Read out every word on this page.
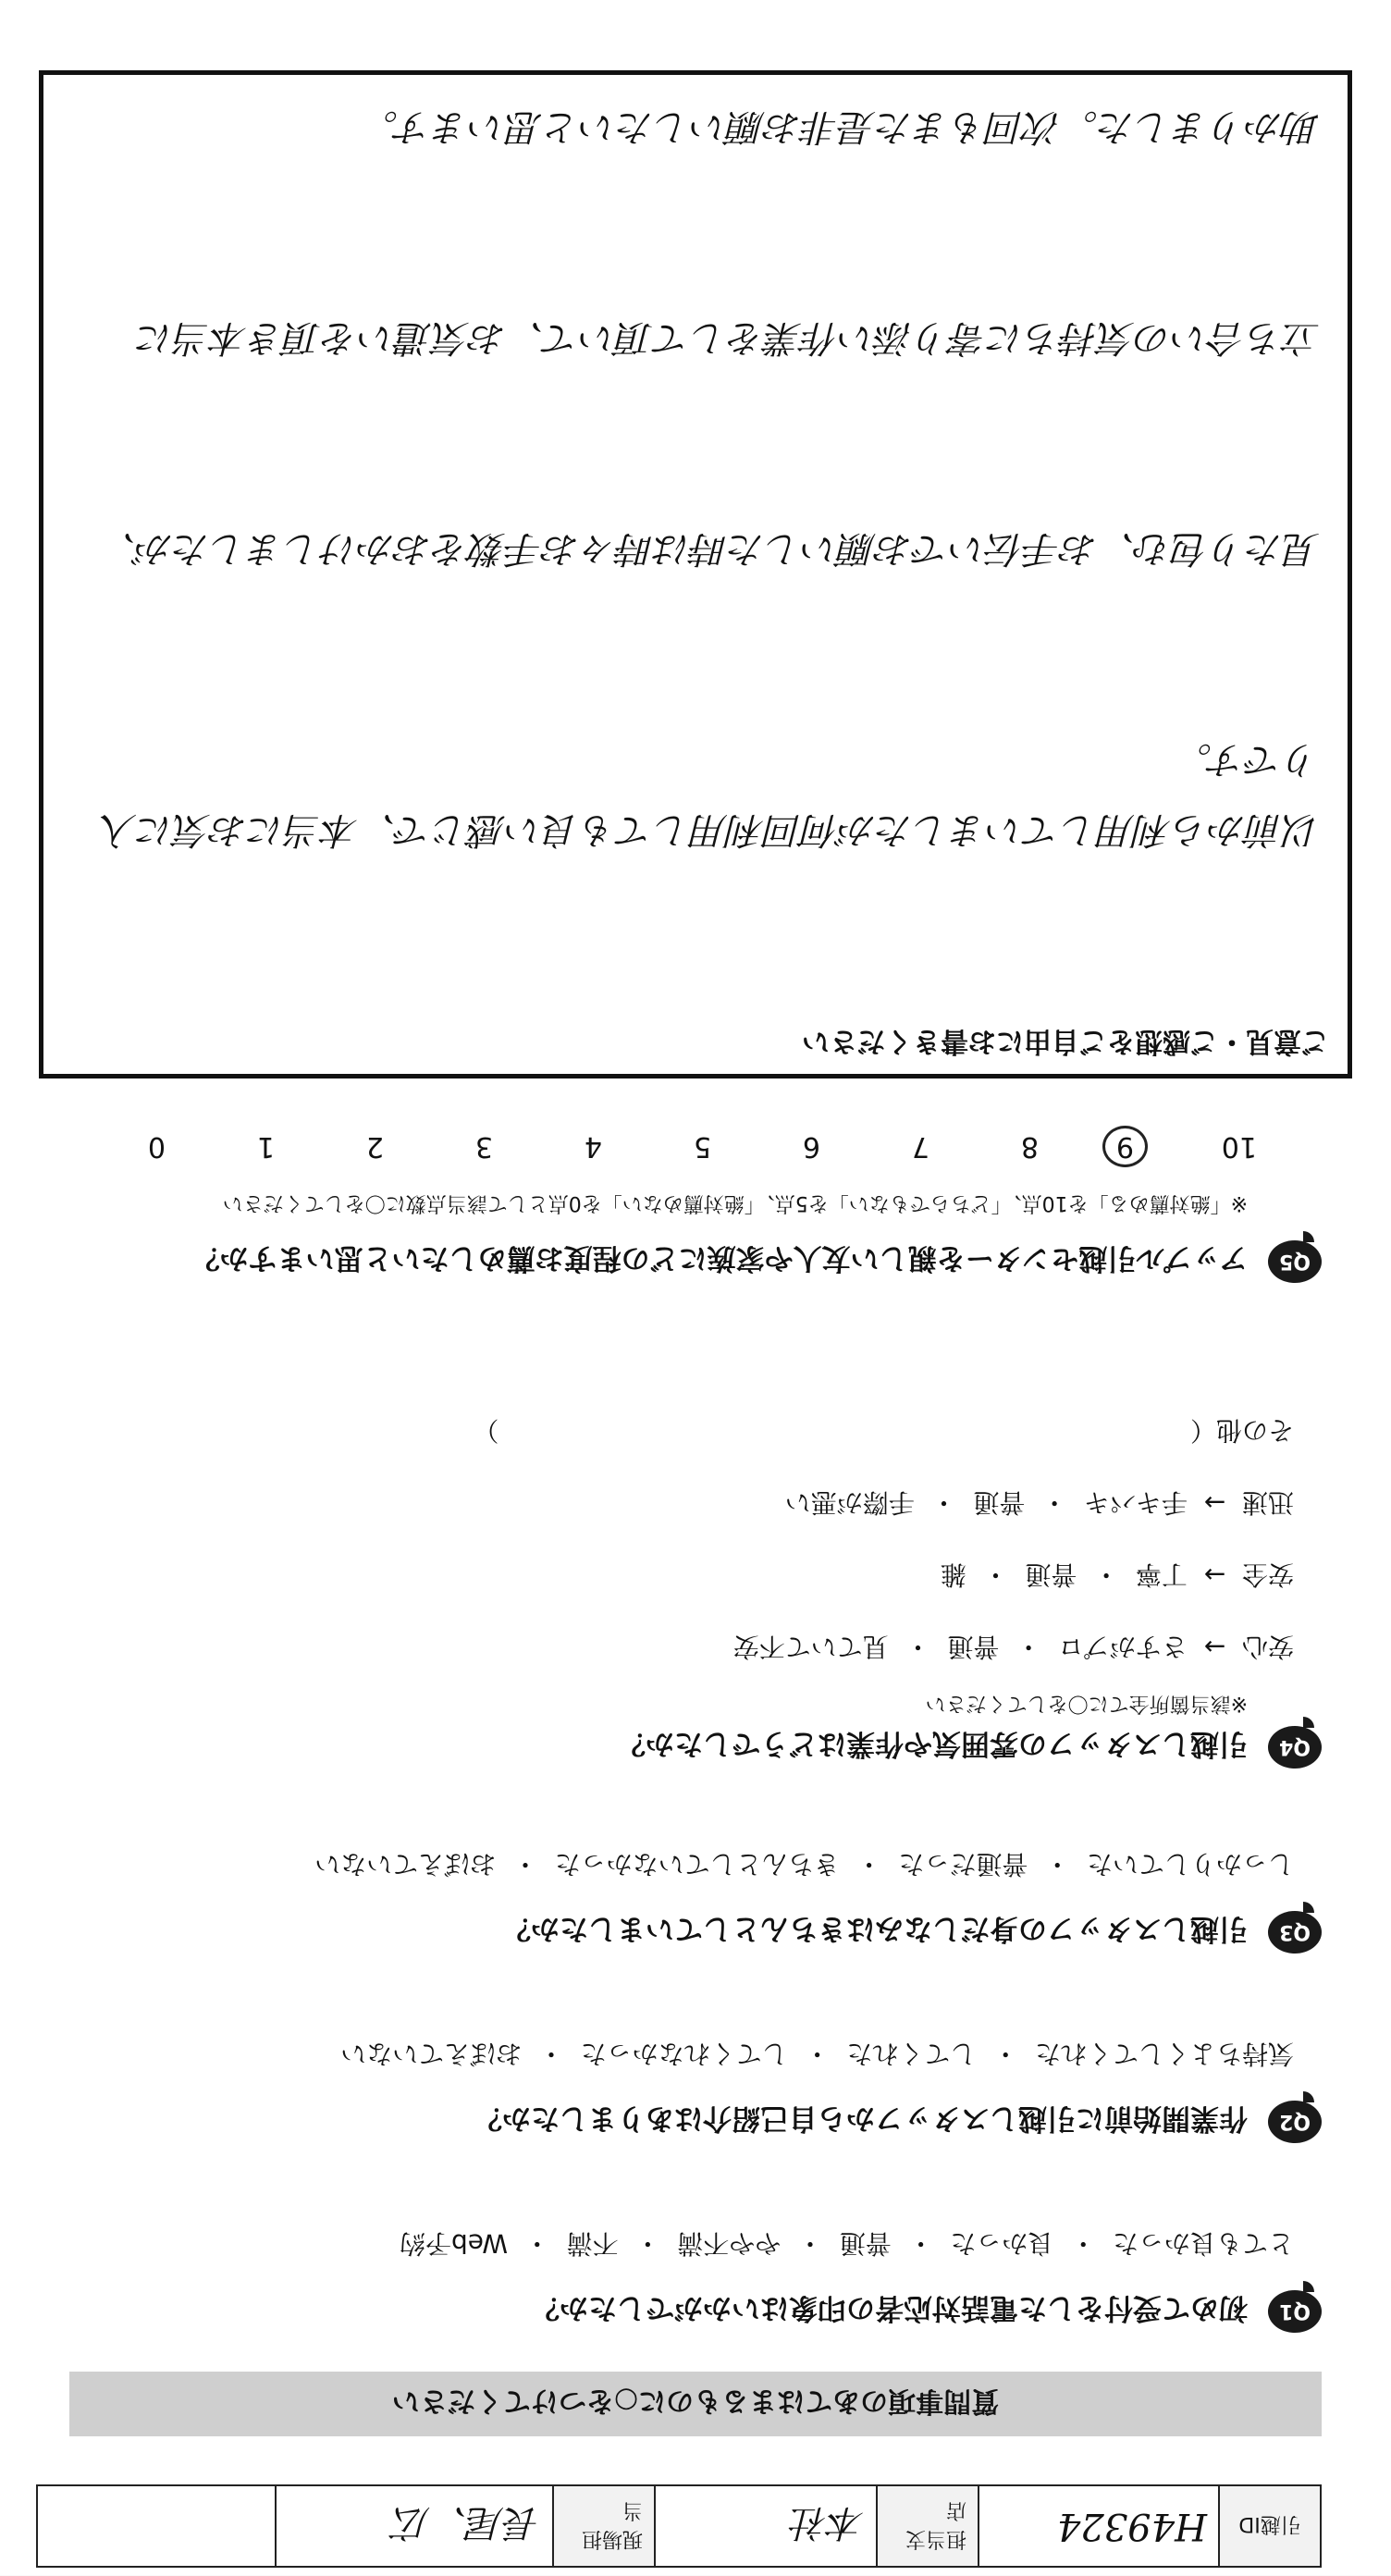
引越ID
H49324
担当支店
本社
現場担当
長尾、広
質問事項のあてはまるものに○をつけてください
Q1
初めて受付をした電話対応者の印象はいかがでしたか？
とても良かった  ・  良かった  ・  普通  ・  やや不満  ・  不満  ・  Web予約
Q2
作業開始前に引越しスタッフから自己紹介はありましたか？
気持ちよくしてくれた  ・  してくれた  ・  してくれなかった  ・  おぼえていない
Q3
引越しスタッフの身だしなみはきちんとしていましたか？
しっかりしていた  ・  普通だった  ・  きちんとしていなかった  ・  おぼえていない
Q4
引越しスタッフの雰囲気や作業はどうでしたか？
※該当箇所全てに〇をしてください
安心  →  さすがプロ  ・  普通  ・  見ていて不安
安全  →  丁寧  ・  普通  ・  雑
迅速  →  手キパキ  ・  普通  ・  手際が悪い
その他（                                                                                    ）
Q5
アップル引越センターを親しい友人や家族にどの程度お薦めしたいと思いますか？
※「絶対薦める」を10点、「どちらでもない」を5点、「絶対薦めない」を0点として該当点数に〇をしてください
10
9
8
7
6
5
4
3
2
1
0
ご意見・ご感想をご自由にお書きください

以前から利用していましたが何回利用しても良い感じで、本当にお気に入りです。

見たり包む、お手伝いでお願いした時は時々お手数をおかけしましたが、

立ち合いの気持ちに寄り添い作業をして頂いて、お気遣いを頂き本当に

助かりました。次回もまた是非お願いしたいと思います。
